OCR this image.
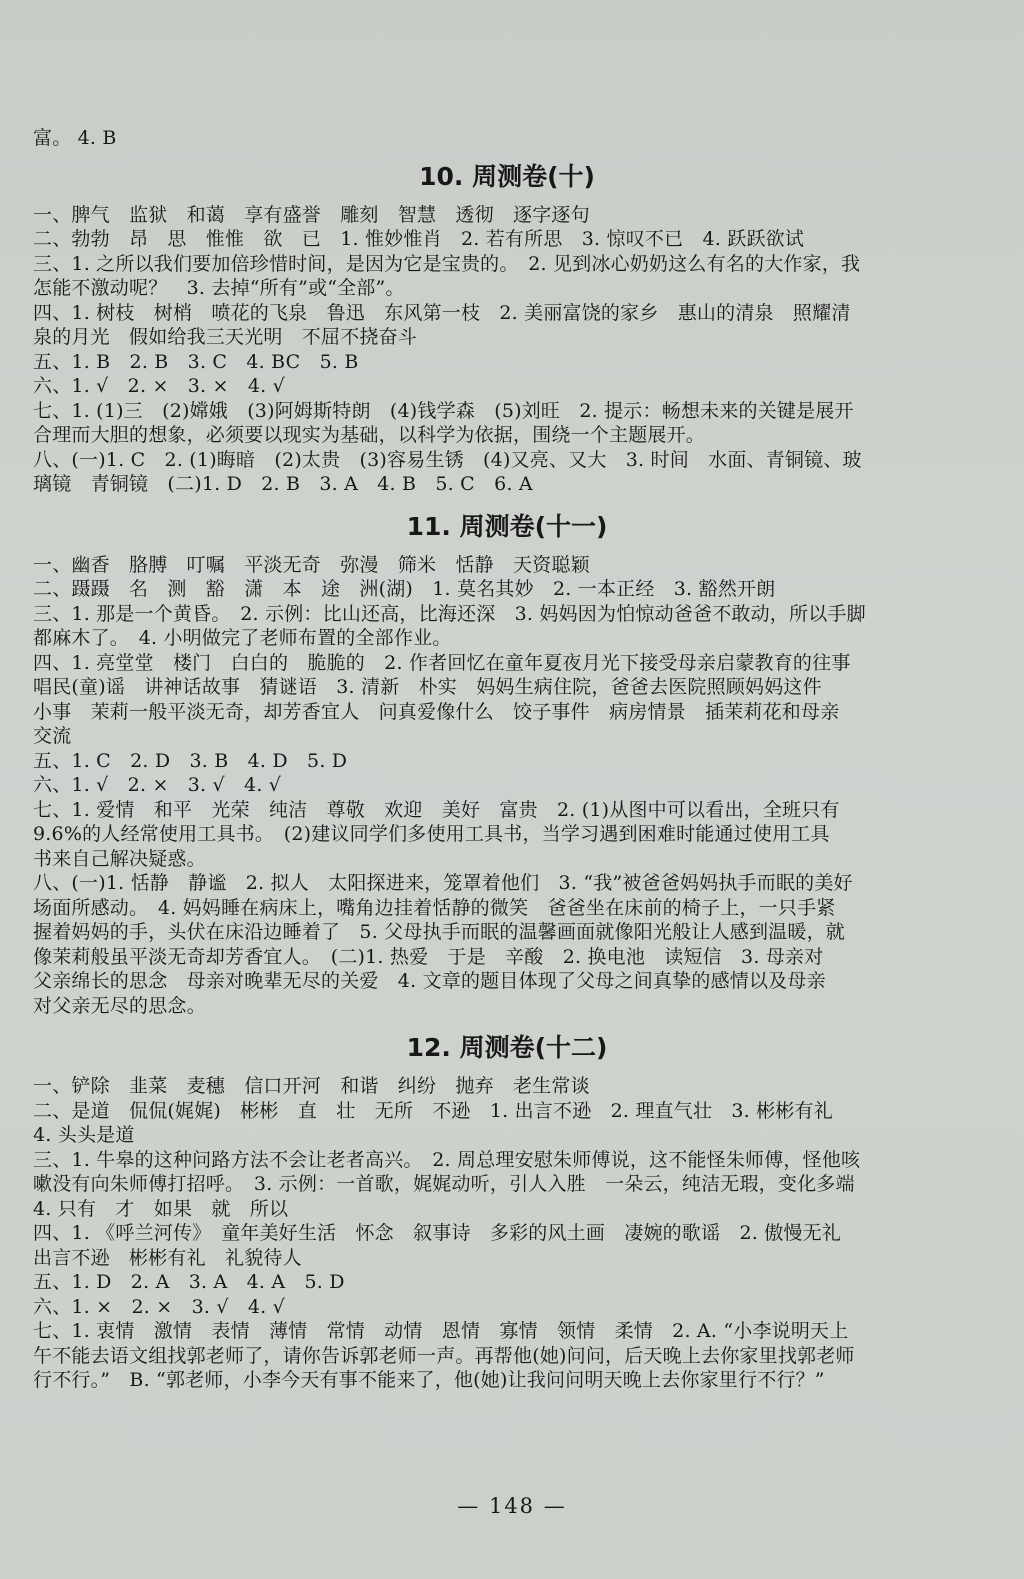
富。 4. B
10. 周测卷(十)
一、脾气　监狱　和蔼　享有盛誉　雕刻　智慧　透彻　逐字逐句
二、勃勃　昂　思　惟惟　欲　已　1. 惟妙惟肖　2. 若有所思　3. 惊叹不已　4. 跃跃欲试
三、1. 之所以我们要加倍珍惜时间，是因为它是宝贵的。　2. 见到冰心奶奶这么有名的大作家，我
怎能不激动呢？　3. 去掉“所有”或“全部”。
四、1. 树枝　树梢　喷花的飞泉　鲁迅　东风第一枝　2. 美丽富饶的家乡　惠山的清泉　照耀清
泉的月光　假如给我三天光明　不屈不挠奋斗
五、1. B　2. B　3. C　4. BC　5. B
六、1. √　2. ×　3. ×　4. √
七、1. (1)三　(2)嫦娥　(3)阿姆斯特朗　(4)钱学森　(5)刘旺　2. 提示：畅想未来的关键是展开
合理而大胆的想象，必须要以现实为基础，以科学为依据，围绕一个主题展开。
八、(一)1. C　2. (1)晦暗　(2)太贵　(3)容易生锈　(4)又亮、又大　3. 时间　水面、青铜镜、玻
璃镜　青铜镜　(二)1. D　2. B　3. A　4. B　5. C　6. A
11. 周测卷(十一)
一、幽香　胳膊　叮嘱　平淡无奇　弥漫　筛米　恬静　天资聪颖
二、蹑蹑　名　测　豁　潇　本　途　洲(湖)　1. 莫名其妙　2. 一本正经　3. 豁然开朗
三、1. 那是一个黄昏。　2. 示例：比山还高，比海还深　3. 妈妈因为怕惊动爸爸不敢动，所以手脚
都麻木了。　4. 小明做完了老师布置的全部作业。
四、1. 亮堂堂　楼门　白白的　脆脆的　2. 作者回忆在童年夏夜月光下接受母亲启蒙教育的往事
唱民(童)谣　讲神话故事　猜谜语　3. 清新　朴实　妈妈生病住院，爸爸去医院照顾妈妈这件
小事　茉莉一般平淡无奇，却芳香宜人　问真爱像什么　饺子事件　病房情景　插茉莉花和母亲
交流
五、1. C　2. D　3. B　4. D　5. D
六、1. √　2. ×　3. √　4. √
七、1. 爱情　和平　光荣　纯洁　尊敬　欢迎　美好　富贵　2. (1)从图中可以看出，全班只有
9.6%的人经常使用工具书。　(2)建议同学们多使用工具书，当学习遇到困难时能通过使用工具
书来自己解决疑惑。
八、(一)1. 恬静　静谧　2. 拟人　太阳探进来，笼罩着他们　3. “我”被爸爸妈妈执手而眠的美好
场面所感动。　4. 妈妈睡在病床上，嘴角边挂着恬静的微笑　爸爸坐在床前的椅子上，一只手紧
握着妈妈的手，头伏在床沿边睡着了　5. 父母执手而眠的温馨画面就像阳光般让人感到温暖，就
像茉莉般虽平淡无奇却芳香宜人。　(二)1. 热爱　于是　辛酸　2. 换电池　读短信　3. 母亲对
父亲绵长的思念　母亲对晚辈无尽的关爱　4. 文章的题目体现了父母之间真挚的感情以及母亲
对父亲无尽的思念。
12. 周测卷(十二)
一、铲除　韭菜　麦穗　信口开河　和谐　纠纷　抛弃　老生常谈
二、是道　侃侃(娓娓)　彬彬　直　壮　无所　不逊　1. 出言不逊　2. 理直气壮　3. 彬彬有礼
4. 头头是道
三、1. 牛皋的这种问路方法不会让老者高兴。　2. 周总理安慰朱师傅说，这不能怪朱师傅，怪他咳
嗽没有向朱师傅打招呼。　3. 示例：一首歌，娓娓动听，引人入胜　一朵云，纯洁无瑕，变化多端
4. 只有　才　如果　就　所以
四、1. 《呼兰河传》　童年美好生活　怀念　叙事诗　多彩的风土画　凄婉的歌谣　2. 傲慢无礼
出言不逊　彬彬有礼　礼貌待人
五、1. D　2. A　3. A　4. A　5. D
六、1. ×　2. ×　3. √　4. √
七、1. 衷情　激情　表情　薄情　常情　动情　恩情　寡情　领情　柔情　2. A. “小李说明天上
午不能去语文组找郭老师了，请你告诉郭老师一声。再帮他(她)问问，后天晚上去你家里找郭老师
行不行。”　B. “郭老师，小李今天有事不能来了，他(她)让我问问明天晚上去你家里行不行？”
— 148 —
